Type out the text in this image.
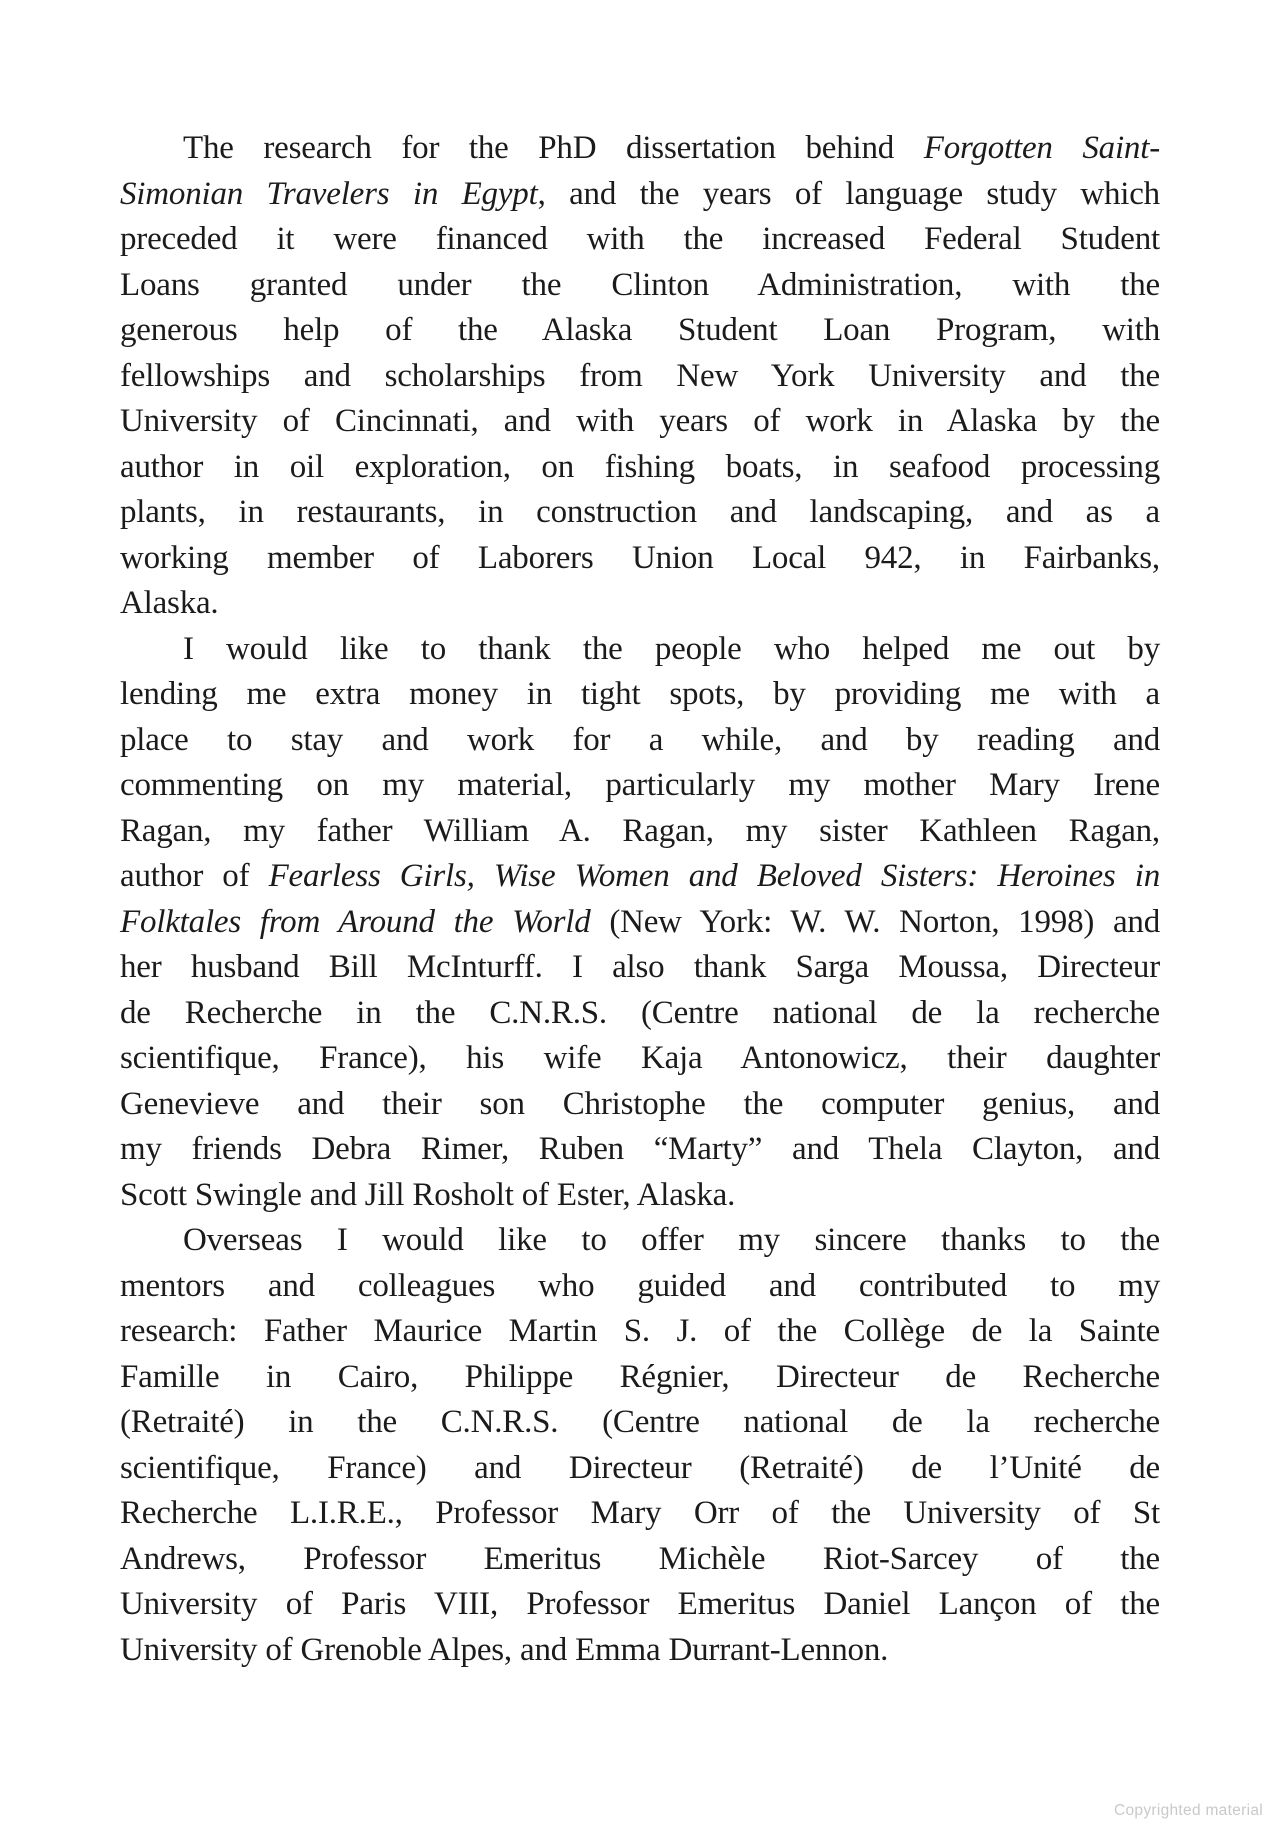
The research for the PhD dissertation behind Forgotten Saint-
Simonian Travelers in Egypt, and the years of language study which
preceded it were financed with the increased Federal Student
Loans granted under the Clinton Administration, with the
generous help of the Alaska Student Loan Program, with
fellowships and scholarships from New York University and the
University of Cincinnati, and with years of work in Alaska by the
author in oil exploration, on fishing boats, in seafood processing
plants, in restaurants, in construction and landscaping, and as a
working member of Laborers Union Local 942, in Fairbanks,
Alaska.
I would like to thank the people who helped me out by
lending me extra money in tight spots, by providing me with a
place to stay and work for a while, and by reading and
commenting on my material, particularly my mother Mary Irene
Ragan, my father William A. Ragan, my sister Kathleen Ragan,
author of Fearless Girls, Wise Women and Beloved Sisters: Heroines in
Folktales from Around the World (New York: W. W. Norton, 1998) and
her husband Bill McInturff. I also thank Sarga Moussa, Directeur
de Recherche in the C.N.R.S. (Centre national de la recherche
scientifique, France), his wife Kaja Antonowicz, their daughter
Genevieve and their son Christophe the computer genius, and
my friends Debra Rimer, Ruben “Marty” and Thela Clayton, and
Scott Swingle and Jill Rosholt of Ester, Alaska.
Overseas I would like to offer my sincere thanks to the
mentors and colleagues who guided and contributed to my
research: Father Maurice Martin S. J. of the Collège de la Sainte
Famille in Cairo, Philippe Régnier, Directeur de Recherche
(Retraité) in the C.N.R.S. (Centre national de la recherche
scientifique, France) and Directeur (Retraité) de l’Unité de
Recherche L.I.R.E., Professor Mary Orr of the University of St
Andrews, Professor Emeritus Michèle Riot-Sarcey of the
University of Paris VIII, Professor Emeritus Daniel Lançon of the
University of Grenoble Alpes, and Emma Durrant-Lennon.
Copyrighted material
